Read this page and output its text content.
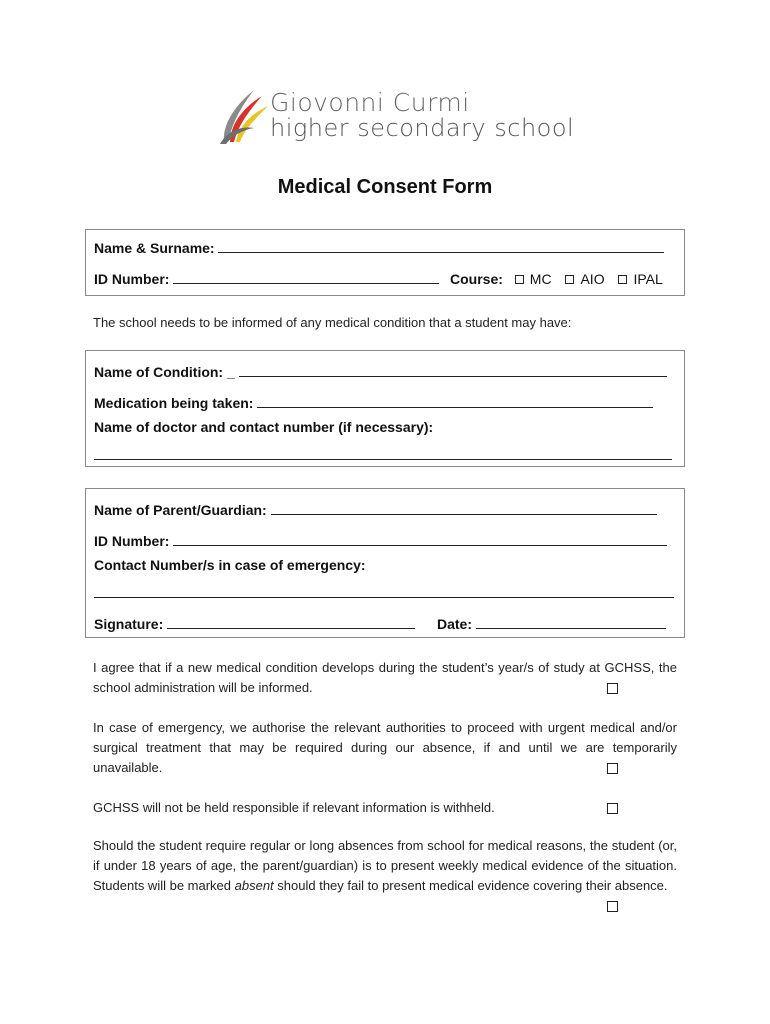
Giovonni Curmi
higher secondary school
Medical Consent Form
Name & Surname:
ID Number:	Course: MC AIO IPAL
The school needs to be informed of any medical condition that a student may have:
Name of Condition: _
Medication being taken:
Name of doctor and contact number (if necessary):
Name of Parent/Guardian:
ID Number:
Contact Number/s in case of emergency:
Signature:	Date:
I agree that if a new medical condition develops during the student’s year/s of study at GCHSS, the school administration will be informed.
In case of emergency, we authorise the relevant authorities to proceed with urgent medical and/or surgical treatment that may be required during our absence, if and until we are temporarily unavailable.
GCHSS will not be held responsible if relevant information is withheld.
Should the student require regular or long absences from school for medical reasons, the student (or, if under 18 years of age, the parent/guardian) is to present weekly medical evidence of the situation. Students will be marked absent should they fail to present medical evidence covering their absence.
